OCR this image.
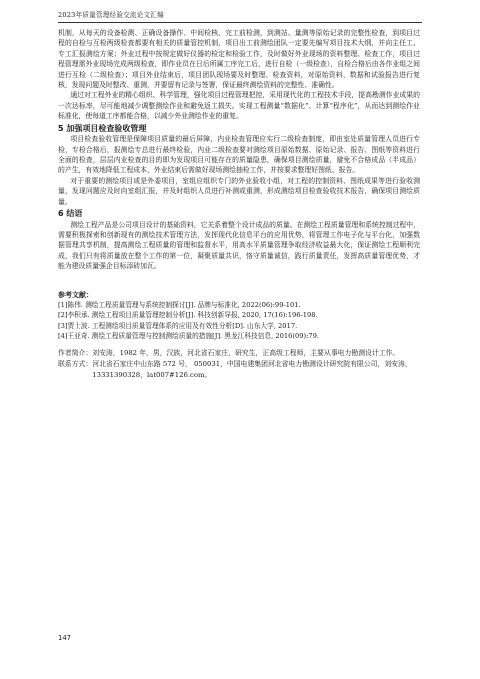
2023年质量管理经验交流论文汇编

机制，从每天的设备检测、正确设备操作、中间检核、完工前检测，到测站、量测等原始记录的完整性检查，到项目过程的自检与互检两级检查都要有相关的质量管控机制，项目出工前测绘团队一定要先编写项目技术大纲，并向主任工、专工汇报测绘方案；外业过程中按规定做好仪器的检定和检验工作，及时做好外业现场的资料整理、检查工作，项目过程管理需外业现场完成两级检查，即作业员在日后所属工序完工后，进行自检（一级检查），自检合格后由各作业组之间进行互检（二级检查）；项目外业结束后，项目团队现场要及时整理、检查资料，对原始资料、数据和试验报告进行复核，发现问题及时整改、重测，并要留有记录与签署，保证最终测绘资料的完整性、准确性。

通过对工程外业的精心组织、科学管理，强化项目过程管理把控，采用现代化的工程技术手段，提高勘测作业成果的一次达标率，尽可能地减少调整测绘作业和避免返工损失。实现工程测量“数据化”、计算“程序化”，从而达到测绘作业标准化，使每道工序都能合格，以减少外业测绘作业的重复。

5 加强项目检查验收管理

项目检查验收管理是保障项目质量的最后屏障，内业检查管理应实行二级检查制度，即由室处质量管理人员进行专检，专检合格后，报测绘专总进行最终检验，内业二级检查要对测绘项目原始数据、原始记录、报告、图纸等资料进行全面的检查，层层内业检查的目的即为发现项目可能存在的质量隐患，确保项目测绘质量，避免不合格成品（半成品）的产生，有效地降低工程成本，外业结束后需做好现场测绘抽检工作，并按要求整理好图纸、报告。

对于重要的测绘项目或是外委项目，室组应组织专门的外业验收小组，对工程的控制资料、图纸成果等进行验收测量，发现问题应及时向室组汇报，并及时组织人员进行补测或重测，形成测绘项目检查验收技术报告，确保项目测绘质量。

6 结语

测绘工程产品是公司项目设计的基础资料，它关系着整个设计成品的质量。在测绘工程质量管理和系统控制过程中，需要积极探索和创新现有的测绘技术管理方法，发挥现代化信息平台的应用优势，将管理工作电子化与平台化，加强数据管理共享机制，提高测绘工程质量的管理和监督水平，用高水平质量管理争取经济收益最大化，保证测绘工程顺利完成，我们只有将质量放在整个工作的第一位，凝聚质量共识，恪守质量诚信，践行质量责任，发挥高质量管理优势，才能为建设质量强企目标添砖加瓦。

参考文献：
[1]陈伟. 测绘工程质量管理与系统控制探讨[J]. 品牌与标准化, 2022(06):99-101.
[2]李积承. 测绘工程项目质量管理控制分析[J]. 科技创新导报, 2020, 17(16):196-198.
[3]贾士波. 工程测绘项目质量管理体系的应用及有效性分析[D]. 山东大学, 2017.
[4]王亚奇. 测绘工程质量管理与控制测绘质量的措施[J]. 黑龙江科技信息, 2016(09):79.
作者简介： 刘安涛，1982 年，男，汉族，河北省石家庄，研究生，正高级工程师，主要从事电力勘测设计工作。
联系方式： 河北省石家庄中山东路 572 号， 050031，中国电建集团河北省电力勘测设计研究院有限公司，刘安涛，13331390328，lat007#126.com。
147
